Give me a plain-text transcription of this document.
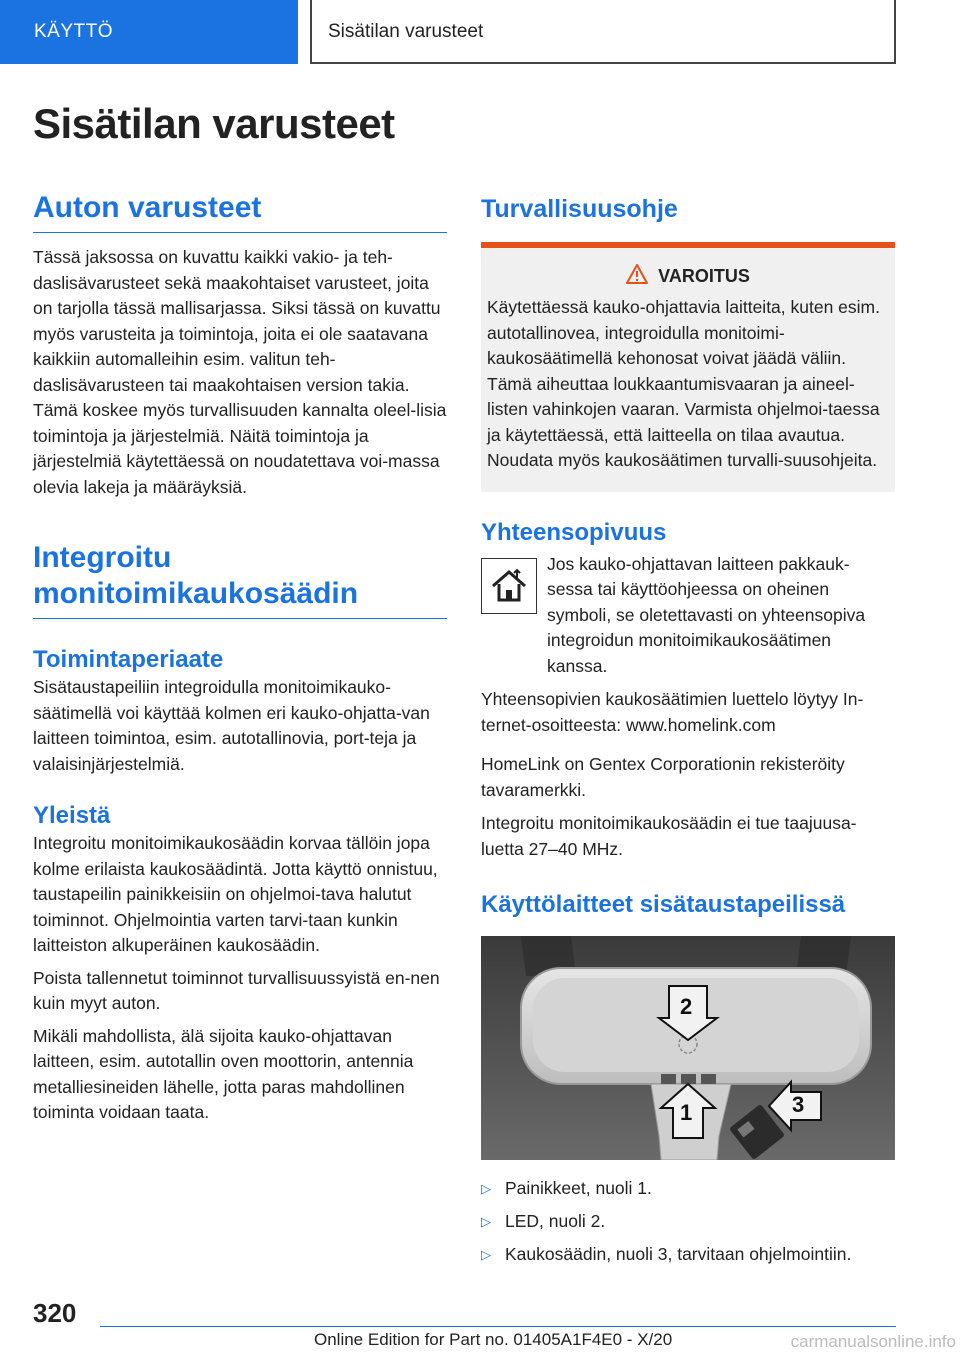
KÄYTTÖ	Sisätilan varusteet
Sisätilan varusteet
Auton varusteet

Tässä jaksossa on kuvattu kaikki vakio- ja teh-daslisävarusteet sekä maakohtaiset varusteet, joita on tarjolla tässä mallisarjassa. Siksi tässä on kuvattu myös varusteita ja toimintoja, joita ei ole saatavana kaikkiin automalleihin esim. valitun teh-daslisävarusteen tai maakohtaisen version takia. Tämä koskee myös turvallisuuden kannalta oleel-lisia toimintoja ja järjestelmiä. Näitä toimintoja ja järjestelmiä käytettäessä on noudatettava voi-massa olevia lakeja ja määräyksiä.

Integroitu
monitoimikaukosäädin
Toimintaperiaate

Sisätaustapeiliin integroidulla monitoimikauko-säätimellä voi käyttää kolmen eri kauko-ohjatta-van laitteen toimintoa, esim. autotallinovia, port-teja ja valaisinjärjestelmiä.

Yleistä

Integroitu monitoimikaukosäädin korvaa tällöin jopa kolme erilaista kaukosäädintä. Jotta käyttö onnistuu, taustapeilin painikkeisiin on ohjelmoi-tava halutut toiminnot. Ohjelmointia varten tarvi-taan kunkin laitteiston alkuperäinen kaukosäädin.

Poista tallennetut toiminnot turvallisuussyistä en-nen kuin myyt auton.

Mikäli mahdollista, älä sijoita kauko-ohjattavan laitteen, esim. autotallin oven moottorin, antennia metalliesineiden lähelle, jotta paras mahdollinen toiminta voidaan taata.

Turvallisuusohje
VAROITUS

Käytettäessä kauko-ohjattavia laitteita, kuten esim. autotallinovea, integroidulla monitoimi-kaukosäätimellä kehonosat voivat jäädä väliin. Tämä aiheuttaa loukkaantumisvaaran ja aineel-listen vahinkojen vaaran. Varmista ohjelmoi-taessa ja käytettäessä, että laitteella on tilaa avautua. Noudata myös kaukosäätimen turvalli-suusohjeita.

Yhteensopivuus

Jos kauko-ohjattavan laitteen pakkauk-sessa tai käyttöohjeessa on oheinen symboli, se oletettavasti on yhteensopiva integroidun monitoimikaukosäätimen kanssa.

Yhteensopivien kaukosäätimien luettelo löytyy In-ternet-osoitteesta: www.homelink.com

HomeLink on Gentex Corporationin rekisteröity tavaramerkki.

Integroitu monitoimikaukosäädin ei tue taajuusa-luetta 27–40 MHz.

Käyttölaitteet sisätaustapeilissä
2
1	3
▷ Painikkeet, nuoli 1.
▷ LED, nuoli 2.
▷ Kaukosäädin, nuoli 3, tarvitaan ohjelmointiin.
320
Online Edition for Part no. 01405A1F4E0 - X/20	carmanualsonline.info
